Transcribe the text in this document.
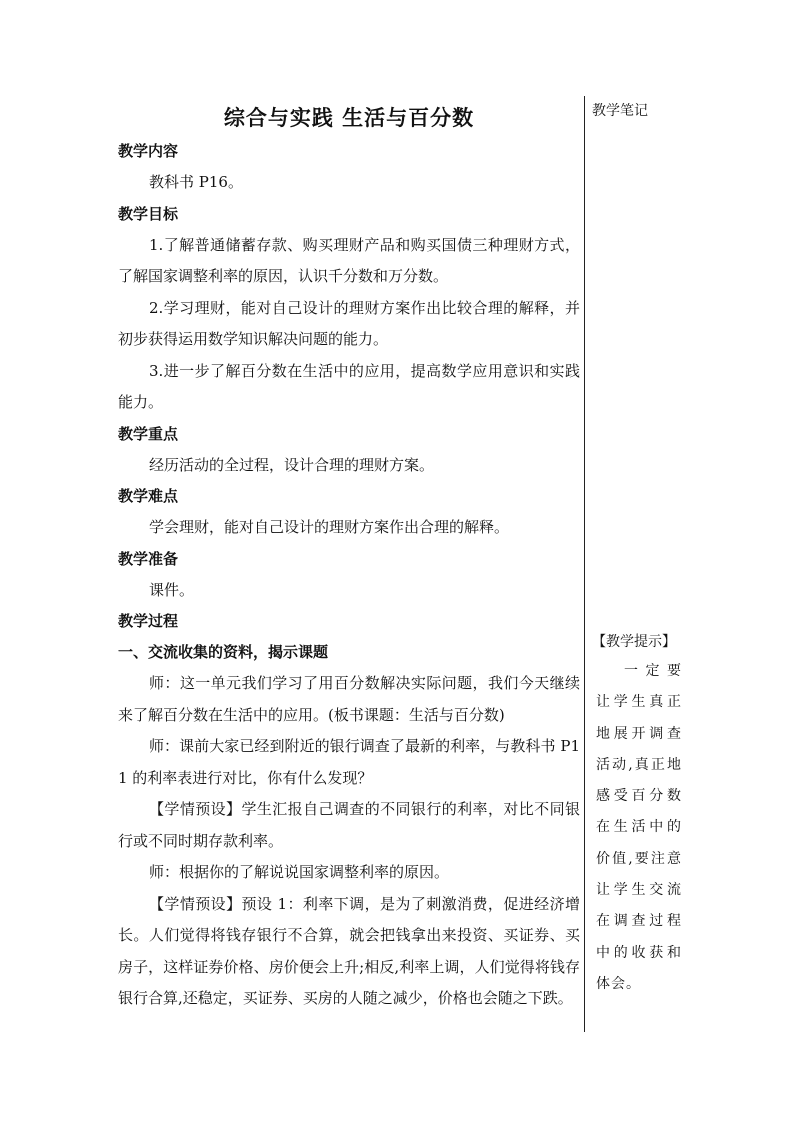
综合与实践 生活与百分数
教学内容
教科书 P16。
教学目标
1.了解普通储蓄存款、购买理财产品和购买国债三种理财方式，了解国家调整利率的原因，认识千分数和万分数。
2.学习理财，能对自己设计的理财方案作出比较合理的解释，并初步获得运用数学知识解决问题的能力。
3.进一步了解百分数在生活中的应用，提高数学应用意识和实践能力。
教学重点
经历活动的全过程，设计合理的理财方案。
教学难点
学会理财，能对自己设计的理财方案作出合理的解释。
教学准备
课件。
教学过程
一、交流收集的资料，揭示课题
师：这一单元我们学习了用百分数解决实际问题，我们今天继续来了解百分数在生活中的应用。(板书课题：生活与百分数)
师：课前大家已经到附近的银行调查了最新的利率，与教科书 P11 的利率表进行对比，你有什么发现？
【学情预设】学生汇报自己调查的不同银行的利率，对比不同银行或不同时期存款利率。
师：根据你的了解说说国家调整利率的原因。
【学情预设】预设 1：利率下调，是为了刺激消费，促进经济增长。人们觉得将钱存银行不合算，就会把钱拿出来投资、买证券、买房子，这样证券价格、房价便会上升;相反,利率上调，人们觉得将钱存银行合算,还稳定，买证券、买房的人随之减少，价格也会随之下跌。
教学笔记
【教学提示】
一定要让学生真正地展开调查活动,真正地感受百分数在生活中的价值,要注意让学生交流在调查过程中的收获和体会。
